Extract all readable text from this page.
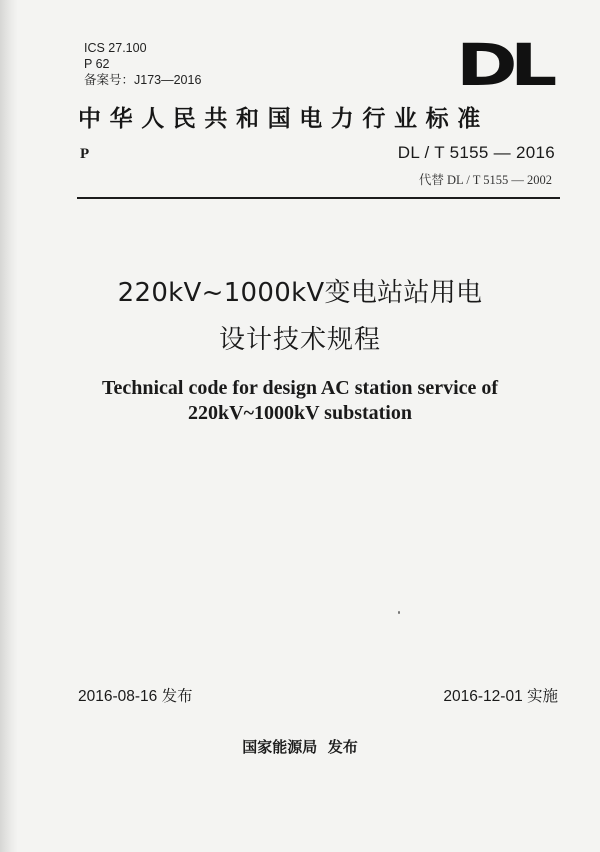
ICS 27.100
P 62
备案号：J173—2016	DL
中华人民共和国电力行业标准
P	DL / T 5155 — 2016
代替 DL / T 5155 — 2002
220kV~1000kV变电站站用电
设计技术规程
Technical code for design AC station service of
220kV~1000kV substation
2016-08-16 发布	2016-12-01 实施
国家能源局  发布
